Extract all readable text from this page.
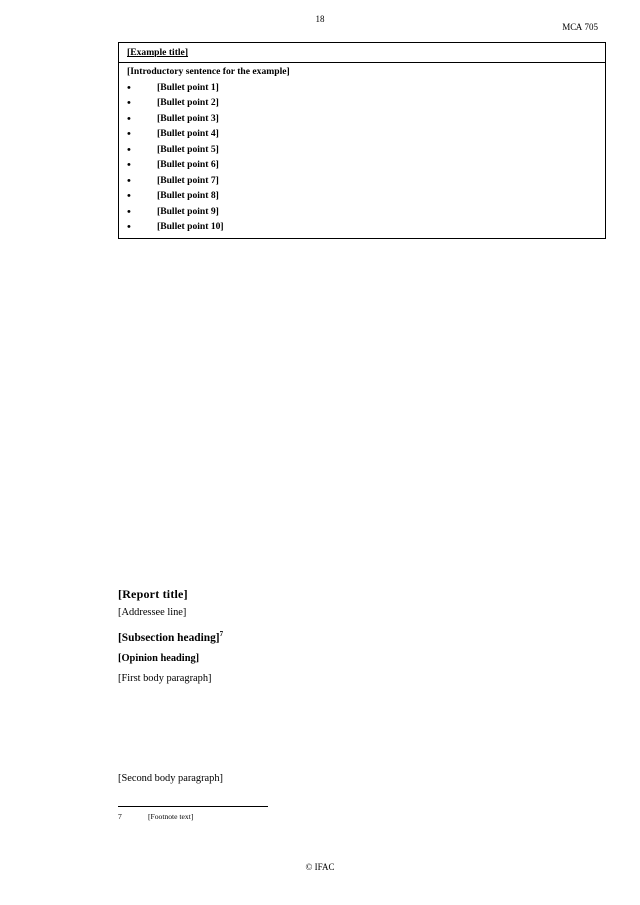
18
МСА 705
[Example title]
[Introductory sentence for the example]
•	[Bullet point 1]
•	[Bullet point 2]
•	[Bullet point 3]
•	[Bullet point 4]
•	[Bullet point 5]
•	[Bullet point 6]
•	[Bullet point 7]
•	[Bullet point 8]
•	[Bullet point 9]
•	[Bullet point 10]
[Report title]
[Addressee line]
[Subsection heading]$^7$
[Opinion heading]
[First body paragraph]
[Second body paragraph]
7	[Footnote text]
© IFAC
